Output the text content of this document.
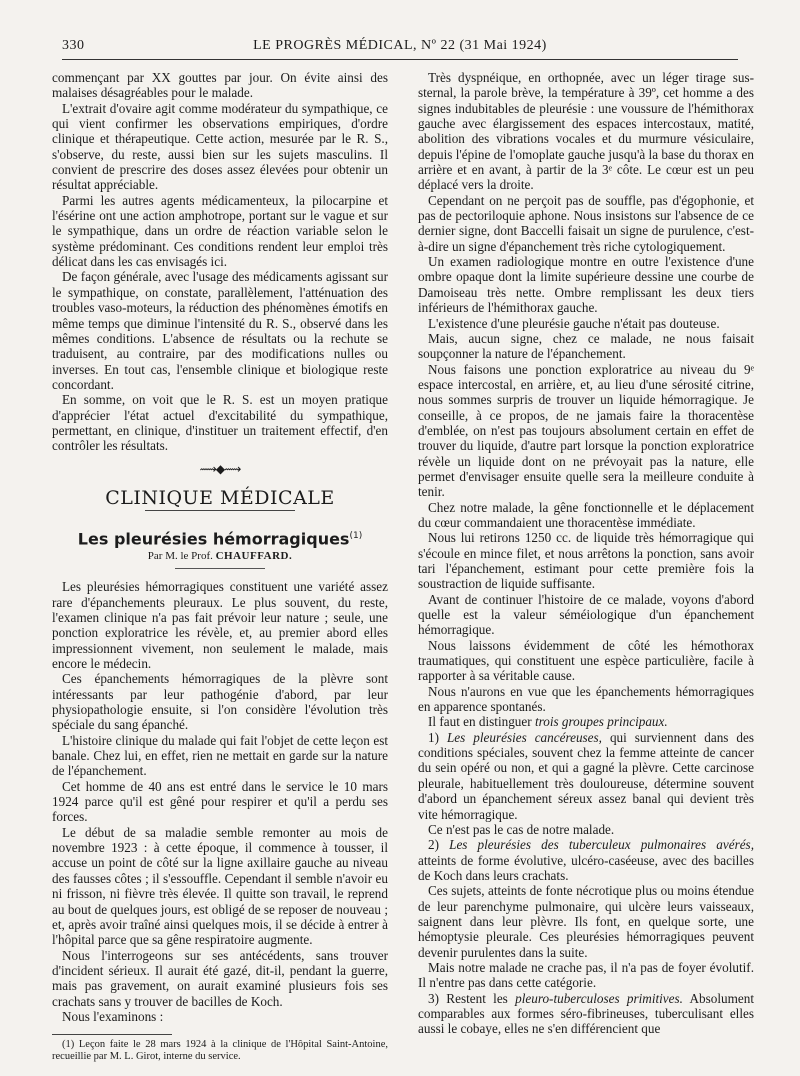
330	LE PROGRÈS MÉDICAL, Nº 22 (31 Mai 1924)

commençant par XX gouttes par jour. On évite ainsi des malaises désagréables pour le malade.

L'extrait d'ovaire agit comme modérateur du sympathique, ce qui vient confirmer les observations empiriques, d'ordre clinique et thérapeutique. Cette action, mesurée par le R. S., s'observe, du reste, aussi bien sur les sujets masculins. Il convient de prescrire des doses assez élevées pour obtenir un résultat appréciable.

Parmi les autres agents médicamenteux, la pilocarpine et l'ésérine ont une action amphotrope, portant sur le vague et sur le sympathique, dans un ordre de réaction variable selon le système prédominant. Ces conditions rendent leur emploi très délicat dans les cas envisagés ici.

De façon générale, avec l'usage des médicaments agissant sur le sympathique, on constate, parallèlement, l'atténuation des troubles vaso-moteurs, la réduction des phénomènes émotifs en même temps que diminue l'intensité du R. S., observé dans les mêmes conditions. L'absence de résultats ou la rechute se traduisent, au contraire, par des modifications nulles ou inverses. En tout cas, l'ensemble clinique et biologique reste concordant.

En somme, on voit que le R. S. est un moyen pratique d'apprécier l'état actuel d'excitabilité du sympathique, permettant, en clinique, d'instituer un traitement effectif, d'en contrôler les résultats.

⟿◆⟿
CLINIQUE MÉDICALE
Les pleurésies hémorragiques$^{(1)}$
Par M. le Prof. CHAUFFARD.

Les pleurésies hémorragiques constituent une variété assez rare d'épanchements pleuraux. Le plus souvent, du reste, l'examen clinique n'a pas fait prévoir leur nature ; seule, une ponction exploratrice les révèle, et, au premier abord elles impressionnent vivement, non seulement le malade, mais encore le médecin.

Ces épanchements hémorragiques de la plèvre sont intéressants par leur pathogénie d'abord, par leur physiopathologie ensuite, si l'on considère l'évolution très spéciale du sang épanché.

L'histoire clinique du malade qui fait l'objet de cette leçon est banale. Chez lui, en effet, rien ne mettait en garde sur la nature de l'épanchement.

Cet homme de 40 ans est entré dans le service le 10 mars 1924 parce qu'il est gêné pour respirer et qu'il a perdu ses forces.

Le début de sa maladie semble remonter au mois de novembre 1923 : à cette époque, il commence à tousser, il accuse un point de côté sur la ligne axillaire gauche au niveau des fausses côtes ; il s'essouffle. Cependant il semble n'avoir eu ni frisson, ni fièvre très élevée. Il quitte son travail, le reprend au bout de quelques jours, est obligé de se reposer de nouveau ; et, après avoir traîné ainsi quelques mois, il se décide à entrer à l'hôpital parce que sa gêne respiratoire augmente.

Nous l'interrogeons sur ses antécédents, sans trouver d'incident sérieux. Il aurait été gazé, dit-il, pendant la guerre, mais pas gravement, on aurait examiné plusieurs fois ses crachats sans y trouver de bacilles de Koch.

Nous l'examinons :

(1) Leçon faite le 28 mars 1924 à la clinique de l'Hôpital Saint-Antoine, recueillie par M. L. Girot, interne du service.

Très dyspnéique, en orthopnée, avec un léger tirage sus-sternal, la parole brève, la température à 39º, cet homme a des signes indubitables de pleurésie : une voussure de l'hémithorax gauche avec élargissement des espaces intercostaux, matité, abolition des vibrations vocales et du murmure vésiculaire, depuis l'épine de l'omoplate gauche jusqu'à la base du thorax en arrière et en avant, à partir de la 3ᵉ côte. Le cœur est un peu déplacé vers la droite.

Cependant on ne perçoit pas de souffle, pas d'égophonie, et pas de pectoriloquie aphone. Nous insistons sur l'absence de ce dernier signe, dont Baccelli faisait un signe de purulence, c'est-à-dire un signe d'épanchement très riche cytologiquement.

Un examen radiologique montre en outre l'existence d'une ombre opaque dont la limite supérieure dessine une courbe de Damoiseau très nette. Ombre remplissant les deux tiers inférieurs de l'hémithorax gauche.

L'existence d'une pleurésie gauche n'était pas douteuse.

Mais, aucun signe, chez ce malade, ne nous faisait soupçonner la nature de l'épanchement.

Nous faisons une ponction exploratrice au niveau du 9ᵉ espace intercostal, en arrière, et, au lieu d'une sérosité citrine, nous sommes surpris de trouver un liquide hémorragique. Je conseille, à ce propos, de ne jamais faire la thoracentèse d'emblée, on n'est pas toujours absolument certain en effet de trouver du liquide, d'autre part lorsque la ponction exploratrice révèle un liquide dont on ne prévoyait pas la nature, elle permet d'envisager ensuite quelle sera la meilleure conduite à tenir.

Chez notre malade, la gêne fonctionnelle et le déplacement du cœur commandaient une thoracentèse immédiate.

Nous lui retirons 1250 cc. de liquide très hémorragique qui s'écoule en mince filet, et nous arrêtons la ponction, sans avoir tari l'épanchement, estimant pour cette première fois la soustraction de liquide suffisante.

Avant de continuer l'histoire de ce malade, voyons d'abord quelle est la valeur séméiologique d'un épanchement hémorragique.

Nous laissons évidemment de côté les hémothorax traumatiques, qui constituent une espèce particulière, facile à rapporter à sa véritable cause.

Nous n'aurons en vue que les épanchements hémorragiques en apparence spontanés.

Il faut en distinguer trois groupes principaux.

1) Les pleurésies cancéreuses, qui surviennent dans des conditions spéciales, souvent chez la femme atteinte de cancer du sein opéré ou non, et qui a gagné la plèvre. Cette carcinose pleurale, habituellement très douloureuse, détermine souvent d'abord un épanchement séreux assez banal qui devient très vite hémorragique.

Ce n'est pas le cas de notre malade.

2) Les pleurésies des tuberculeux pulmonaires avérés, atteints de forme évolutive, ulcéro-caséeuse, avec des bacilles de Koch dans leurs crachats.

Ces sujets, atteints de fonte nécrotique plus ou moins étendue de leur parenchyme pulmonaire, qui ulcère leurs vaisseaux, saignent dans leur plèvre. Ils font, en quelque sorte, une hémoptysie pleurale. Ces pleurésies hémorragiques peuvent devenir purulentes dans la suite.

Mais notre malade ne crache pas, il n'a pas de foyer évolutif. Il n'entre pas dans cette catégorie.

3) Restent les pleuro-tuberculoses primitives. Absolument comparables aux formes séro-fibrineuses, tuberculisant elles aussi le cobaye, elles ne s'en différencient que
